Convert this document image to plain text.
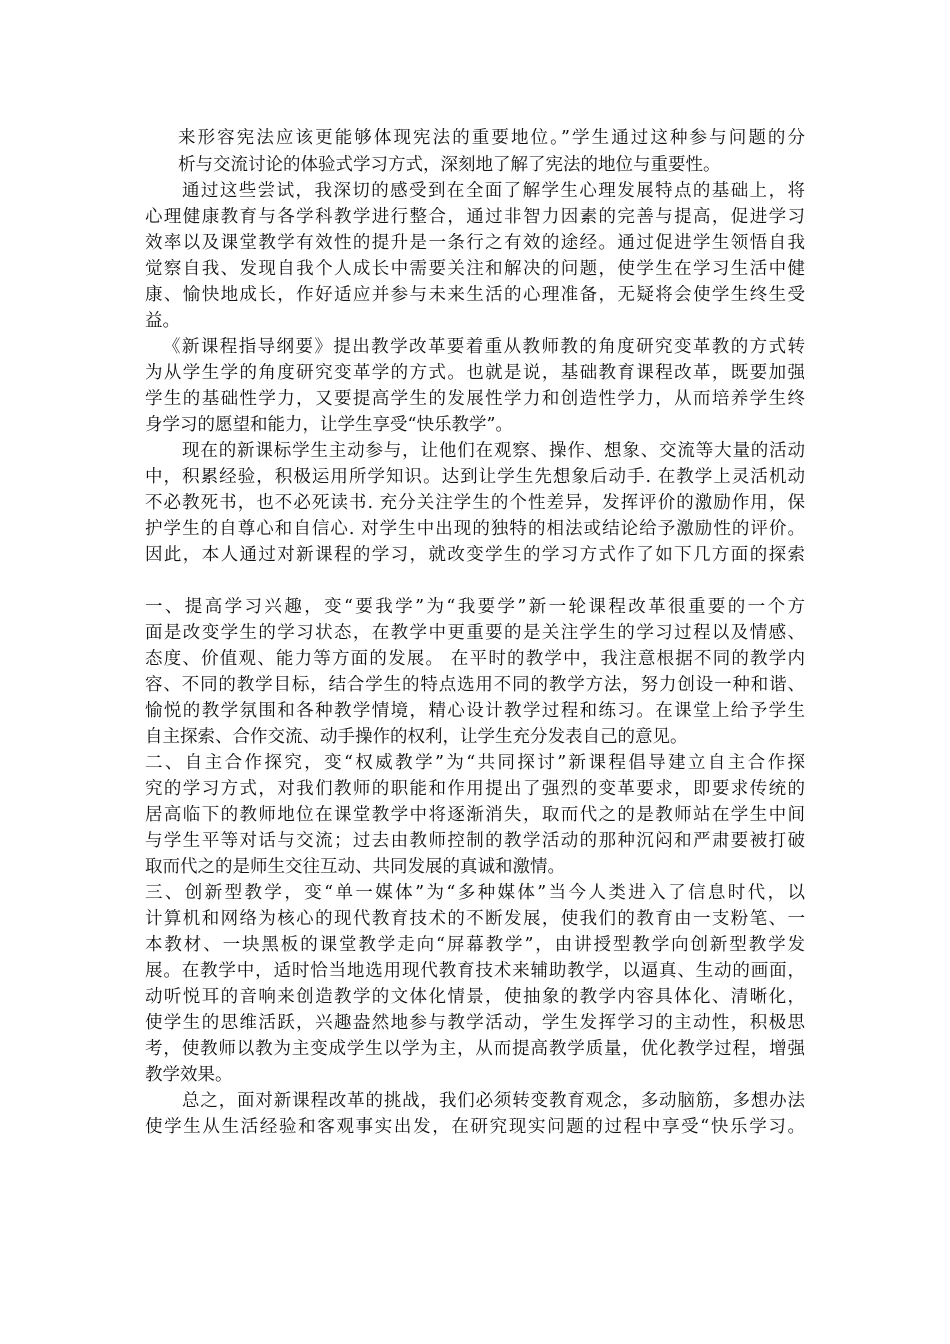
来形容宪法应该更能够体现宪法的重要地位。”学生通过这种参与问题的分
析与交流讨论的体验式学习方式，深刻地了解了宪法的地位与重要性。
通过这些尝试，我深切的感受到在全面了解学生心理发展特点的基础上，将
心理健康教育与各学科教学进行整合，通过非智力因素的完善与提高，促进学习
效率以及课堂教学有效性的提升是一条行之有效的途经。通过促进学生领悟自我
觉察自我、发现自我个人成长中需要关注和解决的问题，使学生在学习生活中健
康、愉快地成长，作好适应并参与未来生活的心理准备，无疑将会使学生终生受
益。
《新课程指导纲要》提出教学改革要着重从教师教的角度研究变革教的方式转
为从学生学的角度研究变革学的方式。也就是说，基础教育课程改革，既要加强
学生的基础性学力，又要提高学生的发展性学力和创造性学力，从而培养学生终
身学习的愿望和能力，让学生享受“快乐教学”。
现在的新课标学生主动参与，让他们在观察、操作、想象、交流等大量的活动
中，积累经验，积极运用所学知识。达到让学生先想象后动手. 在教学上灵活机动
不必教死书，也不必死读书. 充分关注学生的个性差异，发挥评价的激励作用，保
护学生的自尊心和自信心. 对学生中出现的独特的相法或结论给予激励性的评价。
因此，本人通过对新课程的学习，就改变学生的学习方式作了如下几方面的探索
一、提高学习兴趣，变“要我学”为“我要学”新一轮课程改革很重要的一个方
面是改变学生的学习状态，在教学中更重要的是关注学生的学习过程以及情感、
态度、价值观、能力等方面的发展。 在平时的教学中，我注意根据不同的教学内
容、不同的教学目标，结合学生的特点选用不同的教学方法，努力创设一种和谐、
愉悦的教学氛围和各种教学情境，精心设计教学过程和练习。在课堂上给予学生
自主探索、合作交流、动手操作的权利，让学生充分发表自己的意见。
二、自主合作探究，变“权威教学”为“共同探讨”新课程倡导建立自主合作探
究的学习方式，对我们教师的职能和作用提出了强烈的变革要求，即要求传统的
居高临下的教师地位在课堂教学中将逐渐消失，取而代之的是教师站在学生中间
与学生平等对话与交流；过去由教师控制的教学活动的那种沉闷和严肃要被打破
取而代之的是师生交往互动、共同发展的真诚和激情。
三、创新型教学，变“单一媒体”为“多种媒体”当今人类进入了信息时代，以
计算机和网络为核心的现代教育技术的不断发展，使我们的教育由一支粉笔、一
本教材、一块黑板的课堂教学走向“屏幕教学”，由讲授型教学向创新型教学发
展。在教学中，适时恰当地选用现代教育技术来辅助教学，以逼真、生动的画面，
动听悦耳的音响来创造教学的文体化情景，使抽象的教学内容具体化、清晰化，
使学生的思维活跃，兴趣盎然地参与教学活动，学生发挥学习的主动性，积极思
考，使教师以教为主变成学生以学为主，从而提高教学质量，优化教学过程，增强
教学效果。
总之，面对新课程改革的挑战，我们必须转变教育观念，多动脑筋，多想办法
使学生从生活经验和客观事实出发，在研究现实问题的过程中享受“快乐学习。
